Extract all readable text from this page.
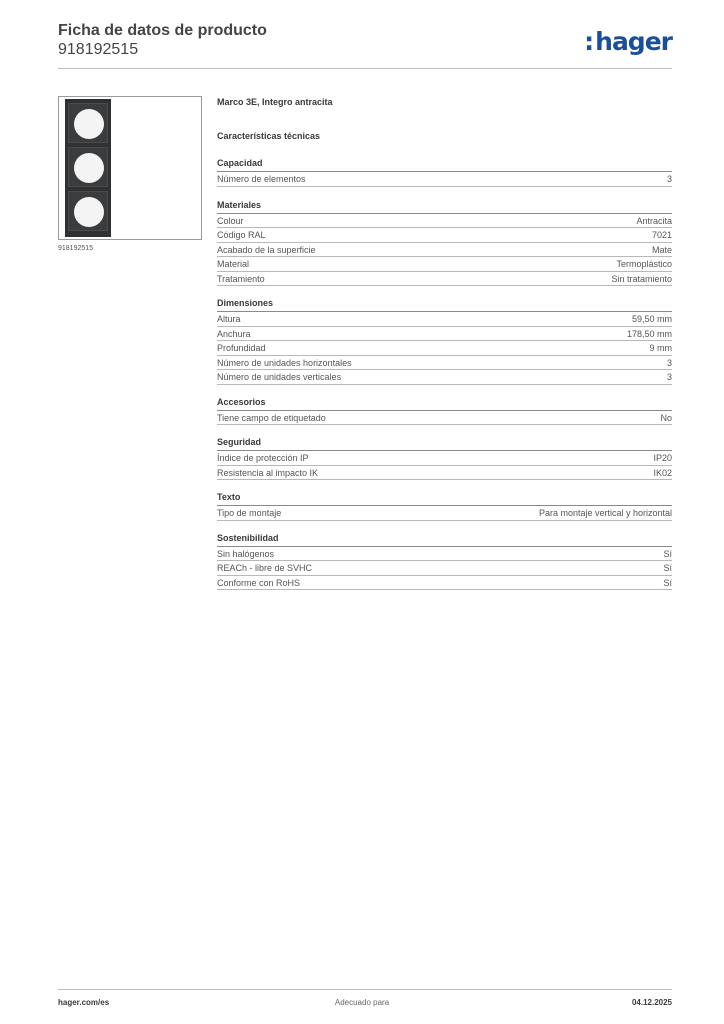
Ficha de datos de producto
918192515	:hager
918192515
Marco 3E, Integro antracita
Características técnicas
Capacidad
Número de elementos	3
Materiales
Colour	Antracita
Código RAL	7021
Acabado de la superficie	Mate
Material	Termoplástico
Tratamiento	Sin tratamiento
Dimensiones
Altura	59,50 mm
Anchura	178,50 mm
Profundidad	9 mm
Número de unidades horizontales	3
Número de unidades verticales	3
Accesorios
Tiene campo de etiquetado	No
Seguridad
Índice de protección IP	IP20
Resistencia al impacto IK	IK02
Texto
Tipo de montaje	Para montaje vertical y horizontal
Sostenibilidad
Sin halógenos	Sí
REACh - libre de SVHC	Sí
Conforme con RoHS	Sí
hager.com/es	Adecuado para	04.12.2025
